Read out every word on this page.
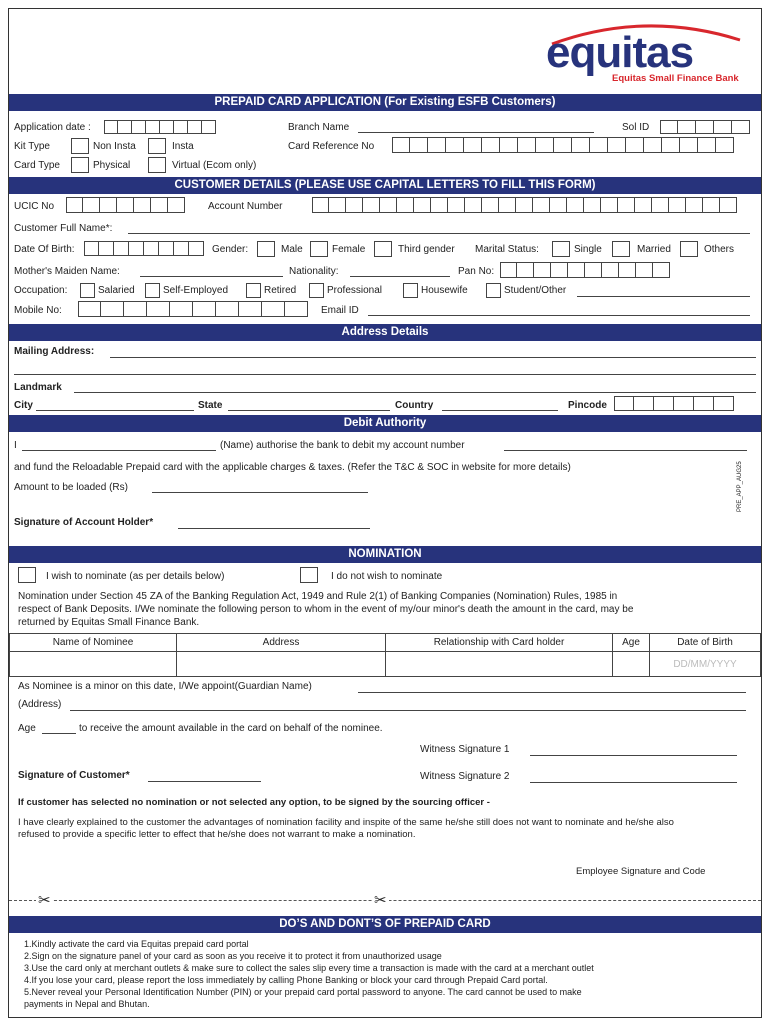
equitas
Equitas Small Finance Bank
PREPAID CARD APPLICATION (For Existing ESFB Customers)
Application date :	Branch Name	Sol ID
Kit Type	Non Insta	Insta	Card Reference No
Card Type	Physical	Virtual (Ecom only)
CUSTOMER DETAILS (PLEASE USE CAPITAL LETTERS TO FILL THIS FORM)
UCIC No	Account Number
Customer Full Name*:
Date Of Birth:	Gender:	Male	Female	Third gender Marital Status:	Single	Married	Others
Mother's Maiden Name:	Nationality:	Pan No:
Occupation:	Salaried	Self-Employed	Retired	Professional	Housewife	Student/Other
Mobile No:	Email ID
Address Details
Mailing Address:
Landmark
City	State	Country	Pincode
Debit Authority
I	(Name) authorise the bank to debit my account number
and fund the Reloadable Prepaid card with the applicable charges & taxes. (Refer the T&C & SOC in website for more details)
Amount to be loaded (Rs)
Signature of Account Holder*
PRE_APP_AUG25
NOMINATION
I wish to nominate (as per details below)	I do not wish to nominate
Nomination under Section 45 ZA of the Banking Regulation Act, 1949 and Rule 2(1) of Banking Companies (Nomination) Rules, 1985 in
respect of Bank Deposits. I/We nominate the following person to whom in the event of my/our minor's death the amount in the card, may be
returned by Equitas Small Finance Bank.
Name of Nominee	Address	Relationship with Card holder	Age	Date of Birth
				DD/MM/YYYY
As Nominee is a minor on this date, I/We appoint(Guardian Name)
(Address)
Age	to receive the amount available in the card on behalf of the nominee.
Witness Signature 1
Signature of Customer*	Witness Signature 2
If customer has selected no nomination or not selected any option, to be signed by the sourcing officer -
I have clearly explained to the customer the advantages of nomination facility and inspite of the same he/she still does not want to nominate and he/she also
refused to provide a specific letter to effect that he/she does not warrant to make a nomination.
Employee Signature and Code
✂	✂
DO’S AND DONT’S OF PREPAID CARD
1.Kindly activate the card via Equitas prepaid card portal
2.Sign on the signature panel of your card as soon as you receive it to protect it from unauthorized usage
3.Use the card only at merchant outlets & make sure to collect the sales slip every time a transaction is made with the card at a merchant outlet
4.If you lose your card, please report the loss immediately by calling Phone Banking or block your card through Prepaid Card portal.
5.Never reveal your Personal Identification Number (PIN) or your prepaid card portal password to anyone. The card cannot be used to make
payments in Nepal and Bhutan.
